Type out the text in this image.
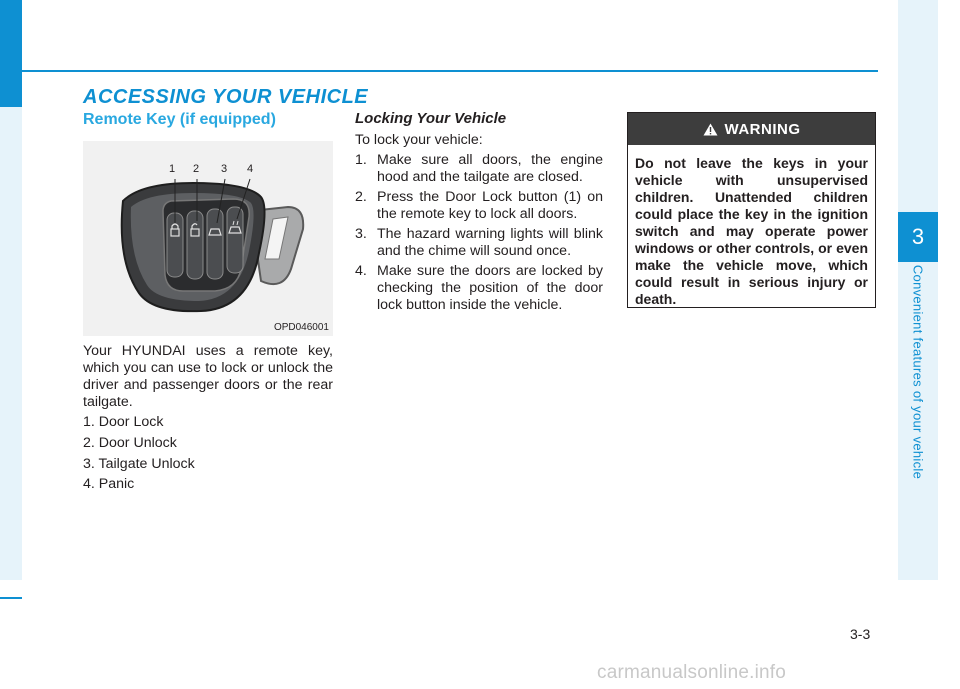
3
Convenient features of your vehicle
ACCESSING YOUR VEHICLE
Remote Key (if equipped)
1 2 3 4
OPD046001
Your HYUNDAI uses a remote key, which you can use to lock or unlock the driver and passenger doors or the rear tailgate.
1. Door Lock
2. Door Unlock
3. Tailgate Unlock
4. Panic
Locking Your Vehicle
To lock your vehicle:
1. Make sure all doors, the engine hood and the tailgate are closed.
2. Press the Door Lock button (1) on the remote key to lock all doors.
3. The hazard warning lights will blink and the chime will sound once.
4. Make sure the doors are locked by checking the position of the door lock button inside the vehicle.
WARNING
Do not leave the keys in your vehicle with unsupervised children. Unattended children could place the key in the ignition switch and may operate power windows or other controls, or even make the vehicle move, which could result in serious injury or death.
3-3
carmanualsonline.info
